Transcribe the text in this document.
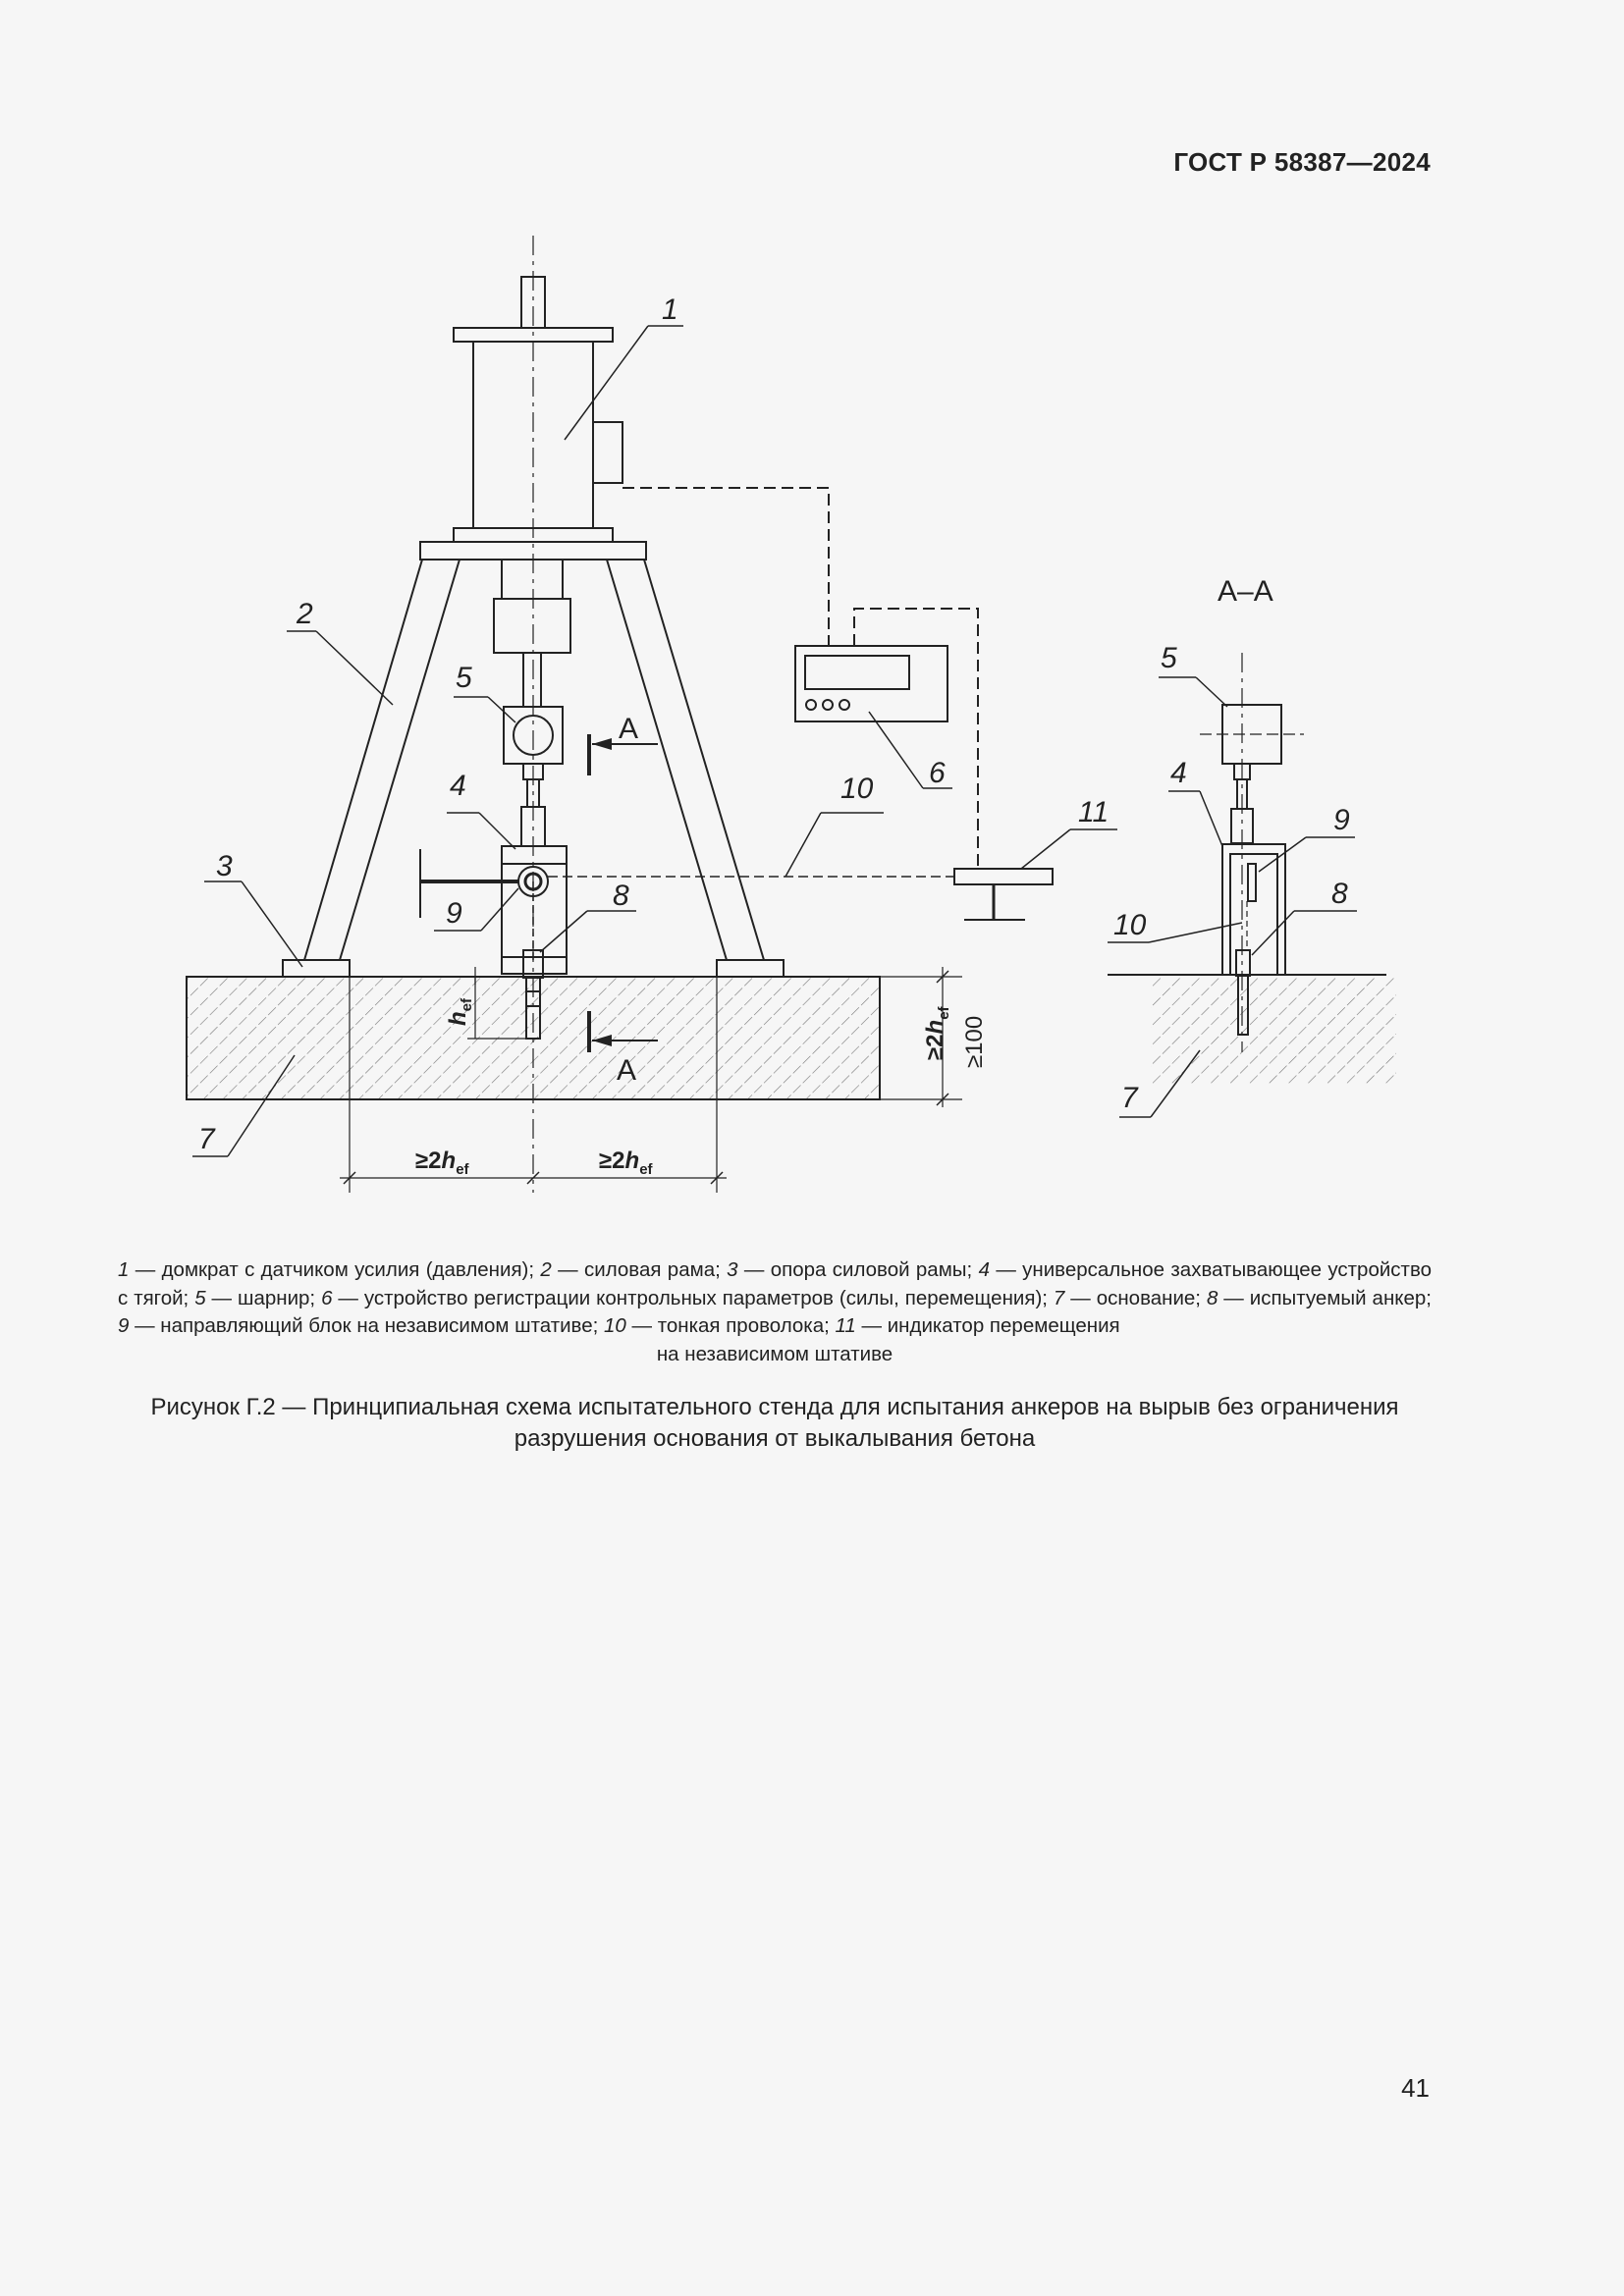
ГОСТ Р 58387—2024
1
2
3
4
5
6
7
8
9
10
11
5
4
9
8
10
7
A
A
A–A
$h_{ef}$
$\ge 2h_{ef}$
≥100
$\ge 2h_{ef}$	$\ge 2h_{ef}$
1 — домкрат с датчиком усилия (давления); 2 — силовая рама; 3 — опора силовой рамы; 4 — универсальное захватывающее устройство с тягой; 5 — шарнир; 6 — устройство регистрации контрольных параметров (силы, перемещения); 7 — основание; 8 — испытуемый анкер; 9 — направляющий блок на независимом штативе; 10 — тонкая проволока; 11 — индикатор перемещения
на независимом штативе
Рисунок Г.2 — Принципиальная схема испытательного стенда для испытания анкеров на вырыв без ограничения
разрушения основания от выкалывания бетона
41
